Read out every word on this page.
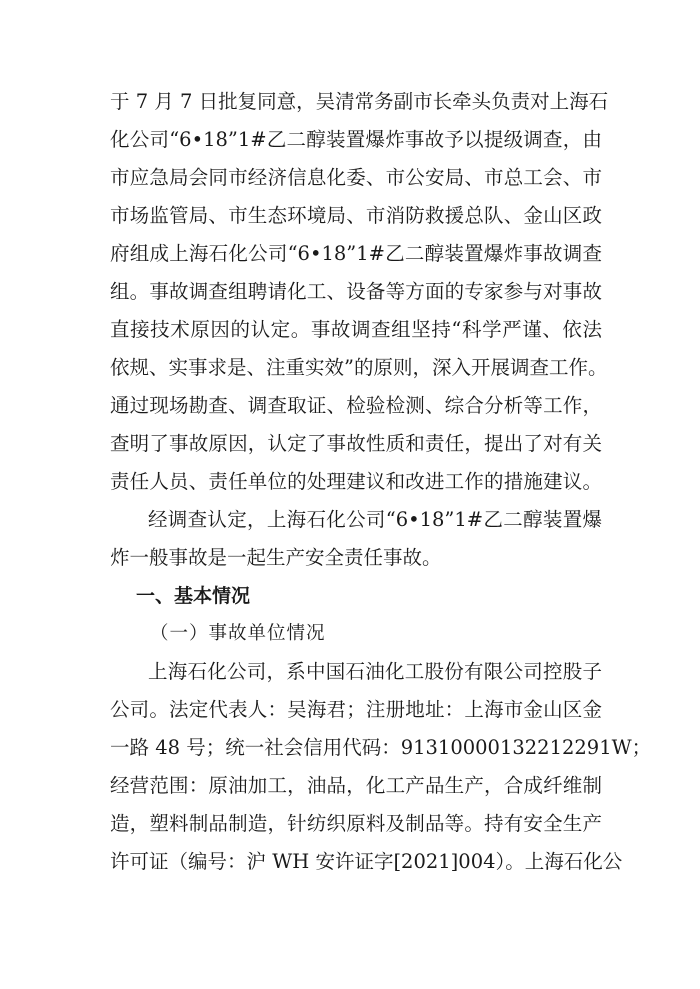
于 7 月 7 日批复同意，吴清常务副市长牵头负责对上海石
化公司“6•18”1#乙二醇装置爆炸事故予以提级调查，由
市应急局会同市经济信息化委、市公安局、市总工会、市
市场监管局、市生态环境局、市消防救援总队、金山区政
府组成上海石化公司“6•18”1#乙二醇装置爆炸事故调查
组。事故调查组聘请化工、设备等方面的专家参与对事故
直接技术原因的认定。事故调查组坚持“科学严谨、依法
依规、实事求是、注重实效”的原则，深入开展调查工作。
通过现场勘查、调查取证、检验检测、综合分析等工作，
查明了事故原因，认定了事故性质和责任，提出了对有关
责任人员、责任单位的处理建议和改进工作的措施建议。
经调查认定，上海石化公司“6•18”1#乙二醇装置爆
炸一般事故是一起生产安全责任事故。
一、基本情况
（一）事故单位情况
上海石化公司，系中国石油化工股份有限公司控股子
公司。法定代表人：吴海君；注册地址：上海市金山区金
一路 48 号；统一社会信用代码：91310000132212291W；
经营范围：原油加工，油品，化工产品生产，合成纤维制
造，塑料制品制造，针纺织原料及制品等。持有安全生产
许可证（编号：沪 WH 安许证字[2021]004）。上海石化公
